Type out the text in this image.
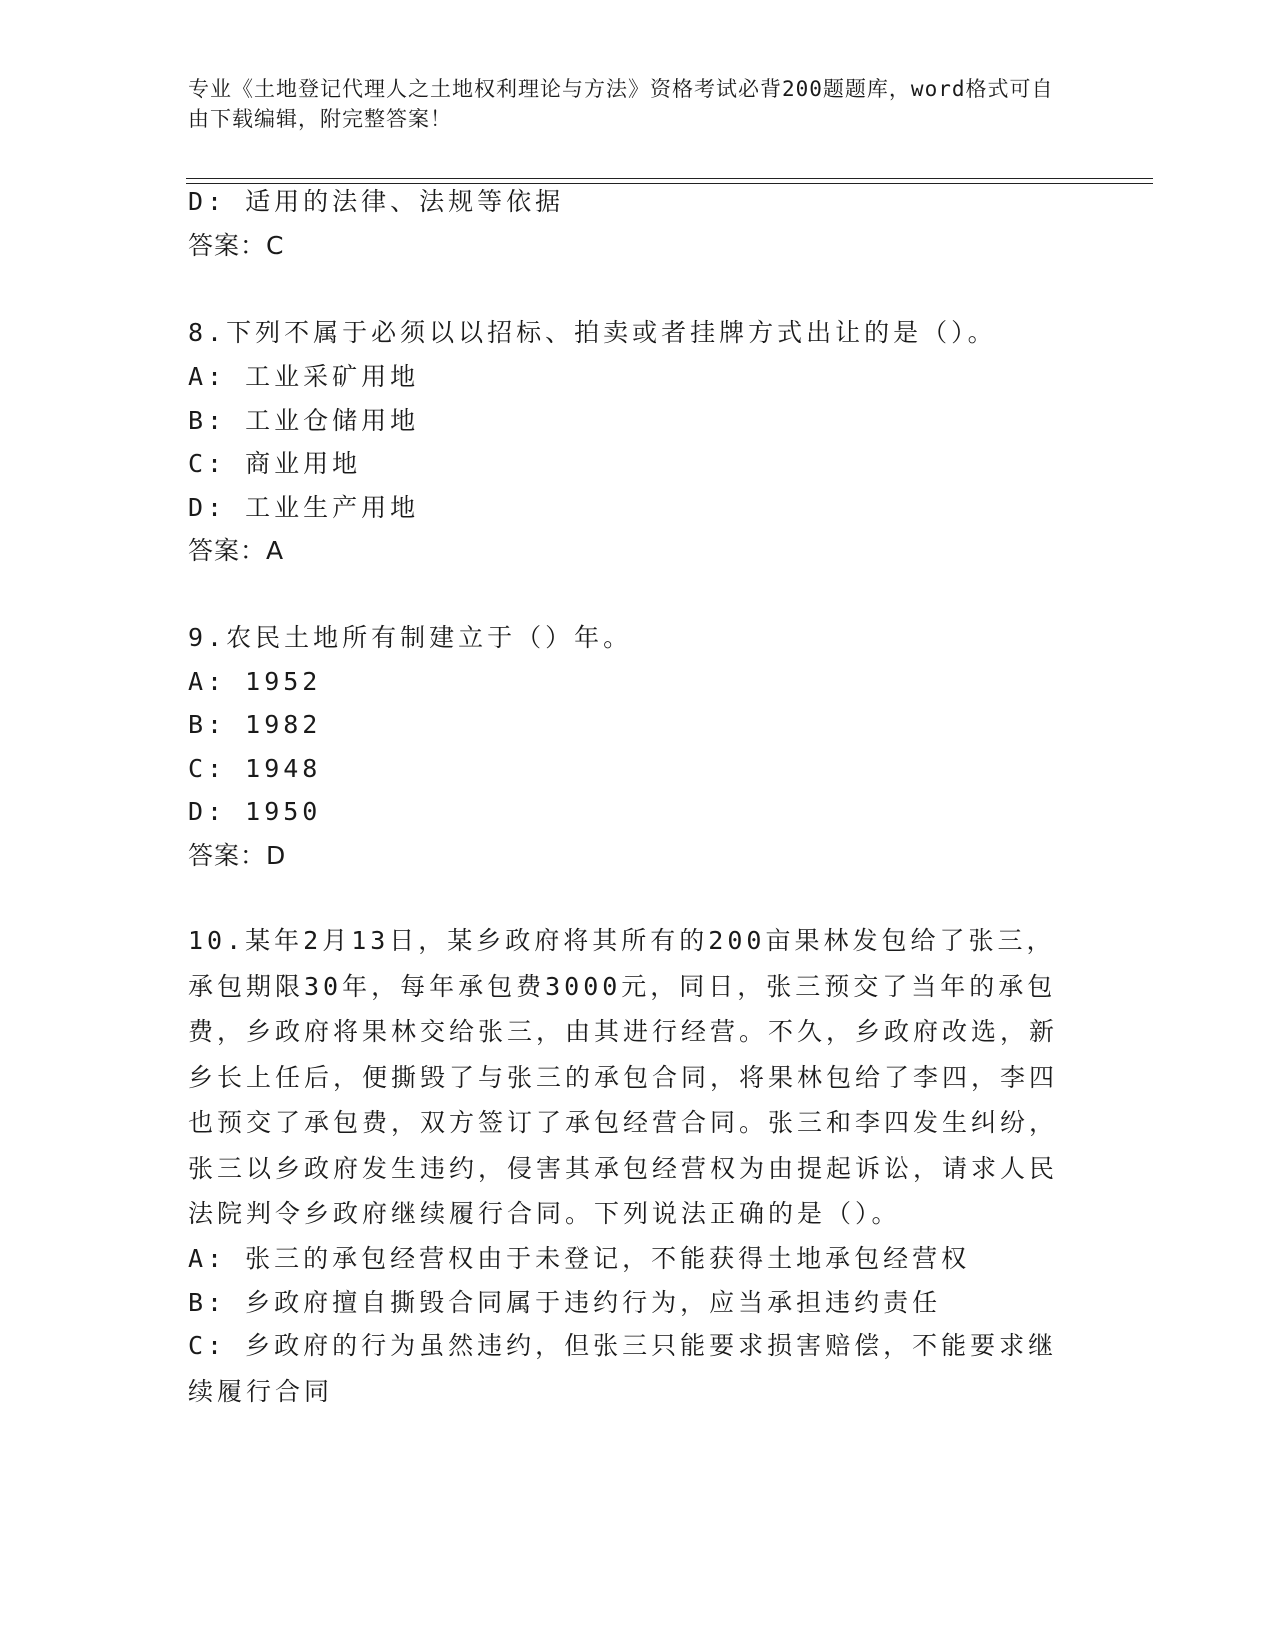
专业《土地登记代理人之土地权利理论与方法》资格考试必背200题题库，word格式可自由下载编辑，附完整答案！
D: 适用的法律、法规等依据
答案：C
8.下列不属于必须以以招标、拍卖或者挂牌方式出让的是（）。
A: 工业采矿用地
B: 工业仓储用地
C: 商业用地
D: 工业生产用地
答案：A
9.农民土地所有制建立于（）年。
A: 1952
B: 1982
C: 1948
D: 1950
答案：D
10.某年2月13日，某乡政府将其所有的200亩果林发包给了张三，承包期限30年，每年承包费3000元，同日，张三预交了当年的承包费，乡政府将果林交给张三，由其进行经营。不久，乡政府改选，新乡长上任后，便撕毁了与张三的承包合同，将果林包给了李四，李四也预交了承包费，双方签订了承包经营合同。张三和李四发生纠纷，张三以乡政府发生违约，侵害其承包经营权为由提起诉讼，请求人民法院判令乡政府继续履行合同。下列说法正确的是（）。
A: 张三的承包经营权由于未登记，不能获得土地承包经营权
B: 乡政府擅自撕毁合同属于违约行为，应当承担违约责任
C: 乡政府的行为虽然违约，但张三只能要求损害赔偿，不能要求继续履行合同
